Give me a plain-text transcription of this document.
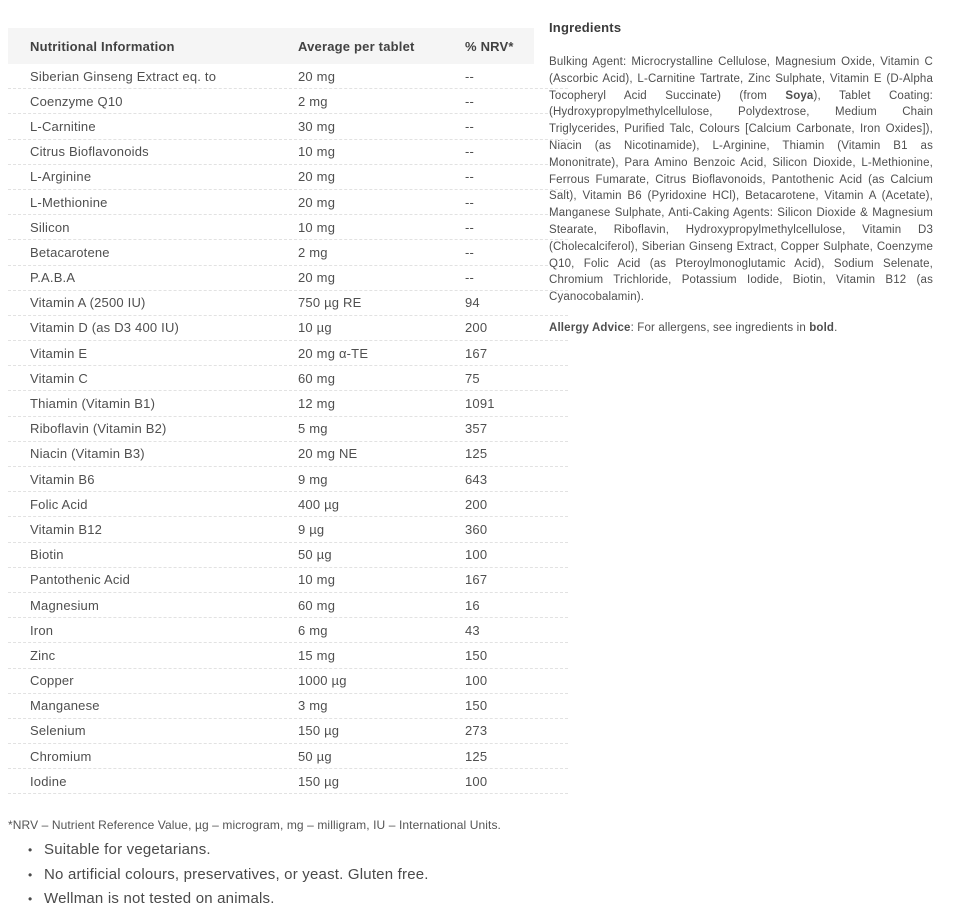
Nutritional Information	Average per tablet	% NRV*
Siberian Ginseng Extract eq. to	20 mg	--
Coenzyme Q10	2 mg	--
L-Carnitine	30 mg	--
Citrus Bioflavonoids	10 mg	--
L-Arginine	20 mg	--
L-Methionine	20 mg	--
Silicon	10 mg	--
Betacarotene	2 mg	--
P.A.B.A	20 mg	--
Vitamin A (2500 IU)	750 µg RE	94
Vitamin D (as D3 400 IU)	10 µg	200
Vitamin E	20 mg α-TE	167
Vitamin C	60 mg	75
Thiamin (Vitamin B1)	12 mg	1091
Riboflavin (Vitamin B2)	5 mg	357
Niacin (Vitamin B3)	20 mg NE	125
Vitamin B6	9 mg	643
Folic Acid	400 µg	200
Vitamin B12	9 µg	360
Biotin	50 µg	100
Pantothenic Acid	10 mg	167
Magnesium	60 mg	16
Iron	6 mg	43
Zinc	15 mg	150
Copper	1000 µg	100
Manganese	3 mg	150
Selenium	150 µg	273
Chromium	50 µg	125
Iodine	150 µg	100
Ingredients

Bulking Agent: Microcrystalline Cellulose, Magnesium Oxide, Vitamin C (Ascorbic Acid), L-Carnitine Tartrate, Zinc Sulphate, Vitamin E (D-Alpha Tocopheryl Acid Succinate) (from Soya), Tablet Coating: (Hydroxypropylmethylcellulose, Polydextrose, Medium Chain Triglycerides, Purified Talc, Colours [Calcium Carbonate, Iron Oxides]), Niacin (as Nicotinamide), L-Arginine, Thiamin (Vitamin B1 as Mononitrate), Para Amino Benzoic Acid, Silicon Dioxide, L-Methionine, Ferrous Fumarate, Citrus Bioflavonoids, Pantothenic Acid (as Calcium Salt), Vitamin B6 (Pyridoxine HCl), Betacarotene, Vitamin A (Acetate), Manganese Sulphate, Anti-Caking Agents: Silicon Dioxide & Magnesium Stearate, Riboflavin, Hydroxypropylmethylcellulose, Vitamin D3 (Cholecalciferol), Siberian Ginseng Extract, Copper Sulphate, Coenzyme Q10, Folic Acid (as Pteroylmonoglutamic Acid), Sodium Selenate, Chromium Trichloride, Potassium Iodide, Biotin, Vitamin B12 (as Cyanocobalamin).

Allergy Advice: For allergens, see ingredients in bold.

*NRV – Nutrient Reference Value, µg – microgram, mg – milligram, IU – International Units.
• Suitable for vegetarians.
• No artificial colours, preservatives, or yeast. Gluten free.
• Wellman is not tested on animals.
